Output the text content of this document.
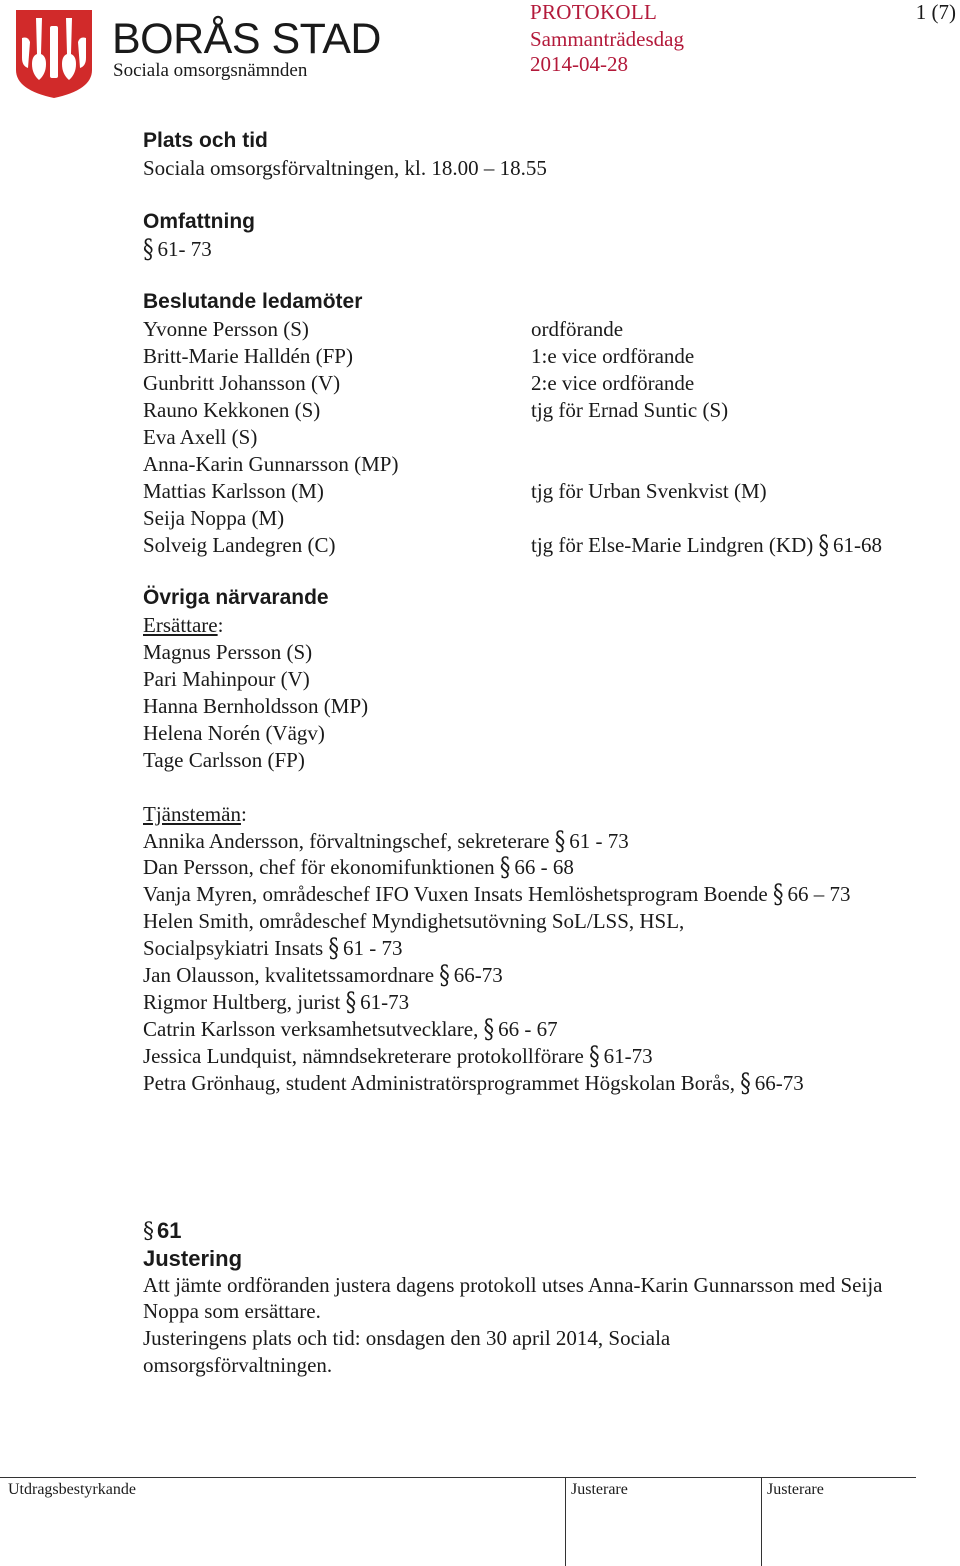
BORÅS STAD
Sociala omsorgsnämnden
PROTOKOLL
Sammanträdesdag
2014-04-28
1 (7)

Plats och tid

Sociala omsorgsförvaltningen, kl. 18.00 – 18.55

Omfattning

§ 61- 73

Beslutande ledamöter

Yvonne Persson (S)	ordförande
Britt-Marie Halldén (FP)	1:e vice ordförande
Gunbritt Johansson (V)	2:e vice ordförande
Rauno Kekkonen (S)	tjg för Ernad Suntic (S)
Eva Axell (S)
Anna-Karin Gunnarsson (MP)
Mattias Karlsson (M)	tjg för Urban Svenkvist (M)
Seija Noppa (M)
Solveig Landegren (C)	tjg för Else-Marie Lindgren (KD) § 61-68

Övriga närvarande

Ersättare:

Magnus Persson (S)

Pari Mahinpour (V)

Hanna Bernholdsson (MP)

Helena Norén (Vägv)

Tage Carlsson (FP)

Tjänstemän:

Annika Andersson, förvaltningschef, sekreterare § 61 - 73

Dan Persson, chef för ekonomifunktionen § 66 - 68

Vanja Myren, områdeschef IFO Vuxen Insats Hemlöshetsprogram Boende § 66 – 73

Helen Smith, områdeschef Myndighetsutövning SoL/LSS, HSL, Socialpsykiatri Insats § 61 - 73

Jan Olausson, kvalitetssamordnare § 66-73

Rigmor Hultberg, jurist § 61-73

Catrin Karlsson verksamhetsutvecklare, § 66 - 67

Jessica Lundquist, nämndsekreterare protokollförare § 61-73

Petra Grönhaug, student Administratörsprogrammet Högskolan Borås, § 66-73

§ 61

Justering

Att jämte ordföranden justera dagens protokoll utses Anna-Karin Gunnarsson med Seija Noppa som ersättare.

Justeringens plats och tid: onsdagen den 30 april 2014, Sociala omsorgsförvaltningen.

Utdragsbestyrkande	Justerare	Justerare
